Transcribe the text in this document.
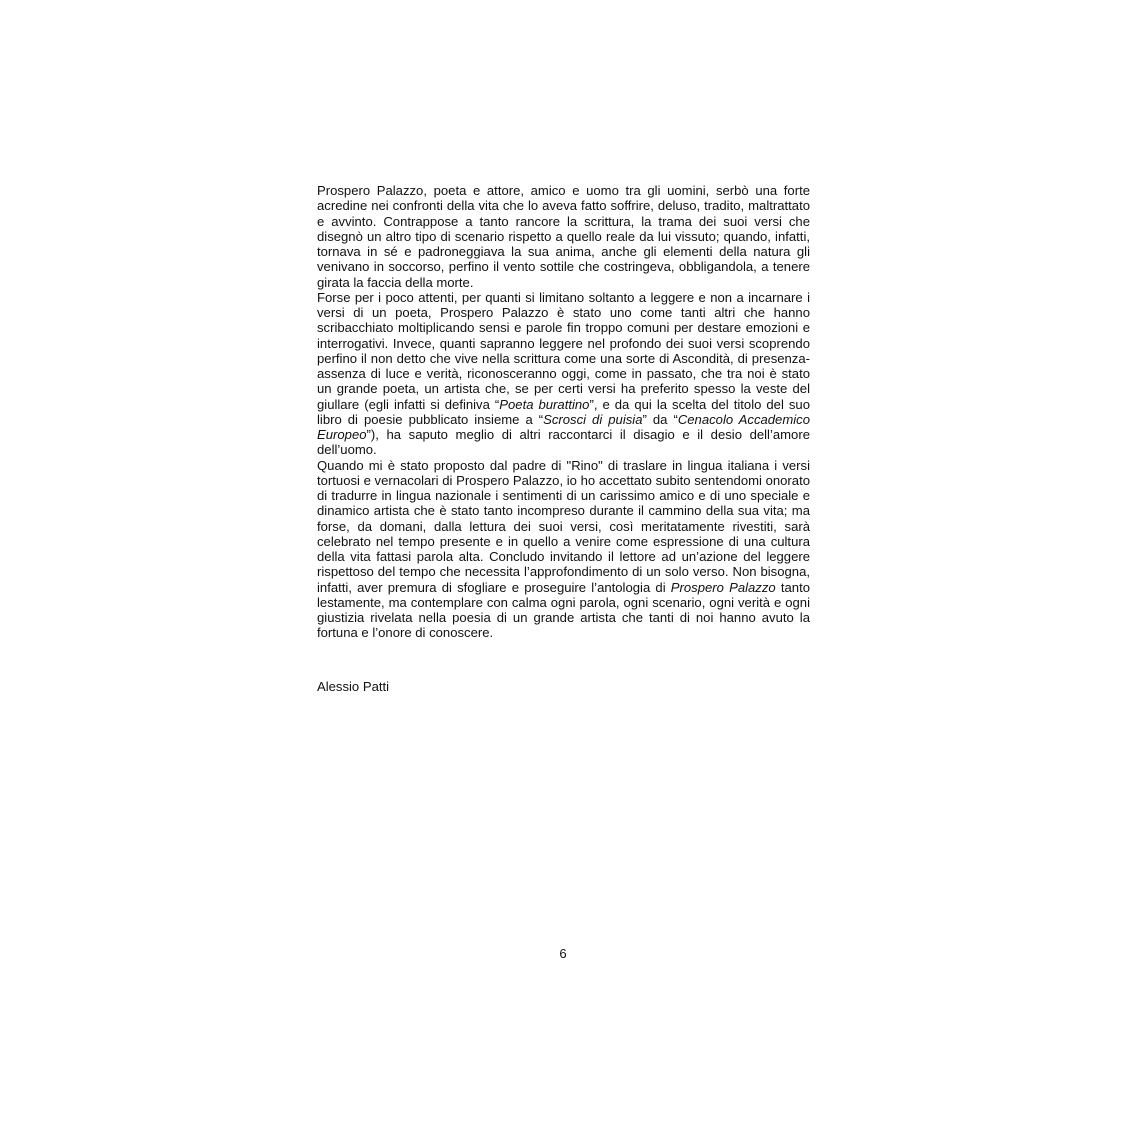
Prospero Palazzo, poeta e attore, amico e uomo tra gli uomini, serbò una forte acredine nei confronti della vita che lo aveva fatto soffrire, deluso, tradito, maltrattato e avvinto. Contrappose a tanto rancore la scrittura, la trama dei suoi versi che disegnò un altro tipo di scenario rispetto a quello reale da lui vissuto; quando, infatti, tornava in sé e padroneggiava la sua anima, anche gli elementi della natura gli venivano in soccorso, perfino il vento sottile che costringeva, obbligandola, a tenere girata la faccia della morte.

Forse per i poco attenti, per quanti si limitano soltanto a leggere e non a incarnare i versi di un poeta, Prospero Palazzo è stato uno come tanti altri che hanno scribacchiato moltiplicando sensi e parole fin troppo comuni per destare emozioni e interrogativi. Invece, quanti sapranno leggere nel profondo dei suoi versi scoprendo perfino il non detto che vive nella scrittura come una sorte di Ascondità, di presenza-assenza di luce e verità, riconosceranno oggi, come in passato, che tra noi è stato un grande poeta, un artista che, se per certi versi ha preferito spesso la veste del giullare (egli infatti si definiva “Poeta burattino”, e da qui la scelta del titolo del suo libro di poesie pubblicato insieme a “Scrosci di puisia” da “Cenacolo Accademico Europeo”), ha saputo meglio di altri raccontarci il disagio e il desio dell’amore dell’uomo.

Quando mi è stato proposto dal padre di "Rino" di traslare in lingua italiana i versi tortuosi e vernacolari di Prospero Palazzo, io ho accettato subito sentendomi onorato di tradurre in lingua nazionale i sentimenti di un carissimo amico e di uno speciale e dinamico artista che è stato tanto incompreso durante il cammino della sua vita; ma forse, da domani, dalla lettura dei suoi versi, così meritatamente rivestiti, sarà celebrato nel tempo presente e in quello a venire come espressione di una cultura della vita fattasi parola alta. Concludo invitando il lettore ad un’azione del leggere rispettoso del tempo che necessita l’approfondimento di un solo verso. Non bisogna, infatti, aver premura di sfogliare e proseguire l’antologia di Prospero Palazzo tanto lestamente, ma contemplare con calma ogni parola, ogni scenario, ogni verità e ogni giustizia rivelata nella poesia di un grande artista che tanti di noi hanno avuto la fortuna e l’onore di conoscere.

Alessio Patti

6
